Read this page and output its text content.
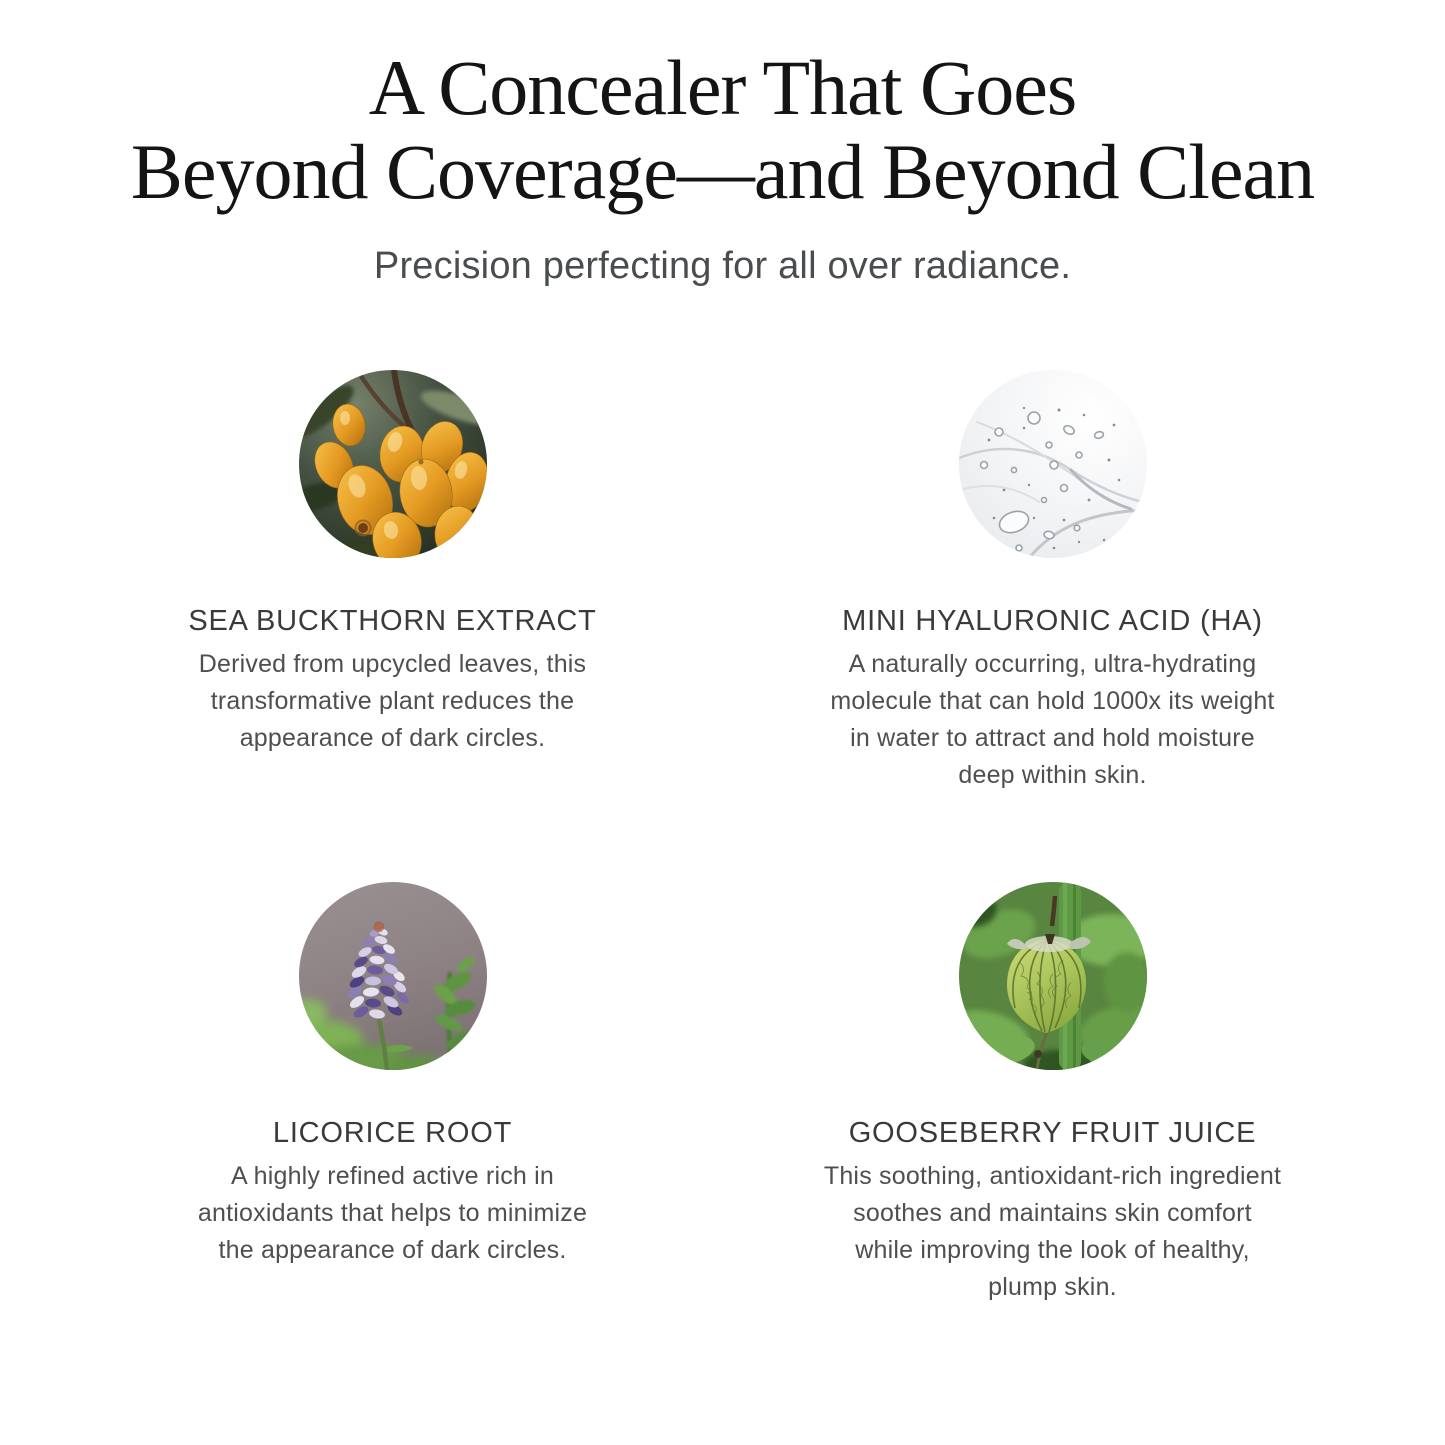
A Concealer That Goes
Beyond Coverage—and Beyond Clean
Precision perfecting for all over radiance.
SEA BUCKTHORN EXTRACT

Derived from upcycled leaves, this
transformative plant reduces the
appearance of dark circles.

MINI HYALURONIC ACID (HA)

A naturally occurring, ultra-hydrating
molecule that can hold 1000x its weight
in water to attract and hold moisture
deep within skin.

LICORICE ROOT

A highly refined active rich in
antioxidants that helps to minimize
the appearance of dark circles.

GOOSEBERRY FRUIT JUICE

This soothing, antioxidant-rich ingredient
soothes and maintains skin comfort
while improving the look of healthy,
plump skin.
